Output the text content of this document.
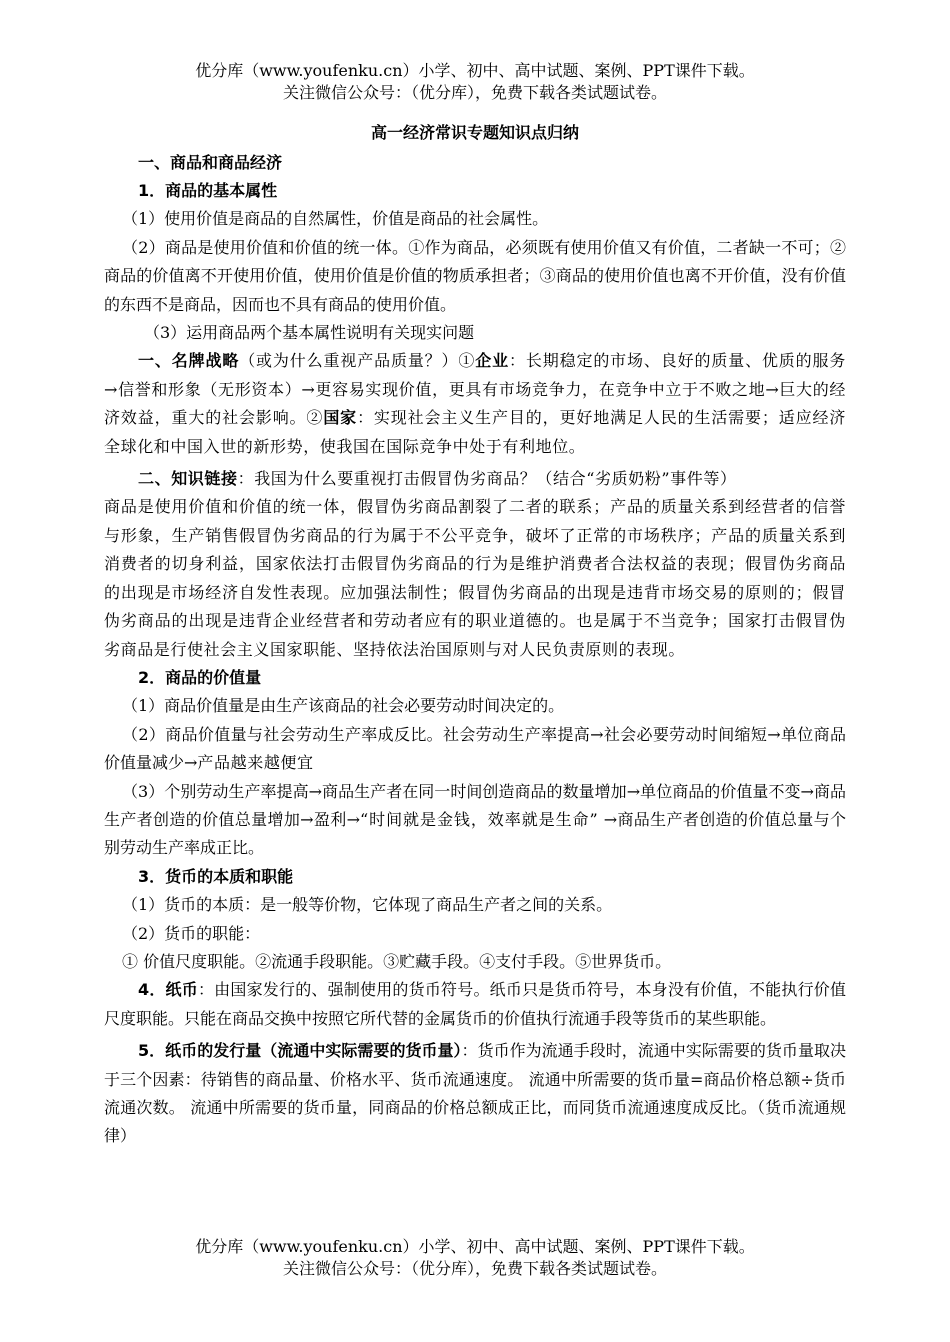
优分库（www.youfenku.cn）小学、初中、高中试题、案例、PPT课件下载。
关注微信公众号：（优分库），免费下载各类试题试卷。

高一经济常识专题知识点归纳

一、商品和商品经济

1．商品的基本属性

（1）使用价值是商品的自然属性，价值是商品的社会属性。

（2）商品是使用价值和价值的统一体。①作为商品，必须既有使用价值又有价值，二者缺一不可；②商品的价值离不开使用价值，使用价值是价值的物质承担者；③商品的使用价值也离不开价值，没有价值的东西不是商品，因而也不具有商品的使用价值。

（3）运用商品两个基本属性说明有关现实问题

一、名牌战略（或为什么重视产品质量？）①企业：长期稳定的市场、良好的质量、优质的服务→信誉和形象（无形资本）→更容易实现价值，更具有市场竞争力，在竞争中立于不败之地→巨大的经济效益，重大的社会影响。②国家：实现社会主义生产目的，更好地满足人民的生活需要；适应经济全球化和中国入世的新形势，使我国在国际竞争中处于有利地位。

二、知识链接：我国为什么要重视打击假冒伪劣商品？（结合“劣质奶粉”事件等）

商品是使用价值和价值的统一体，假冒伪劣商品割裂了二者的联系；产品的质量关系到经营者的信誉与形象，生产销售假冒伪劣商品的行为属于不公平竞争，破坏了正常的市场秩序；产品的质量关系到消费者的切身利益，国家依法打击假冒伪劣商品的行为是维护消费者合法权益的表现；假冒伪劣商品的出现是市场经济自发性表现。应加强法制性；假冒伪劣商品的出现是违背市场交易的原则的；假冒伪劣商品的出现是违背企业经营者和劳动者应有的职业道德的。也是属于不当竞争；国家打击假冒伪劣商品是行使社会主义国家职能、坚持依法治国原则与对人民负责原则的表现。

2．商品的价值量

（1）商品价值量是由生产该商品的社会必要劳动时间决定的。

（2）商品价值量与社会劳动生产率成反比。社会劳动生产率提高→社会必要劳动时间缩短→单位商品价值量减少→产品越来越便宜

（3）个别劳动生产率提高→商品生产者在同一时间创造商品的数量增加→单位商品的价值量不变→商品生产者创造的价值总量增加→盈利→“时间就是金钱，效率就是生命” →商品生产者创造的价值总量与个别劳动生产率成正比。

3．货币的本质和职能

（1）货币的本质：是一般等价物，它体现了商品生产者之间的关系。

（2）货币的职能：

① 价值尺度职能。②流通手段职能。③贮藏手段。④支付手段。⑤世界货币。

4．纸币：由国家发行的、强制使用的货币符号。纸币只是货币符号，本身没有价值，不能执行价值尺度职能。只能在商品交换中按照它所代替的金属货币的价值执行流通手段等货币的某些职能。

5．纸币的发行量（流通中实际需要的货币量）：货币作为流通手段时，流通中实际需要的货币量取决于三个因素：待销售的商品量、价格水平、货币流通速度。 流通中所需要的货币量=商品价格总额÷货币流通次数。 流通中所需要的货币量，同商品的价格总额成正比，而同货币流通速度成反比。（货币流通规律）

优分库（www.youfenku.cn）小学、初中、高中试题、案例、PPT课件下载。
关注微信公众号：（优分库），免费下载各类试题试卷。
